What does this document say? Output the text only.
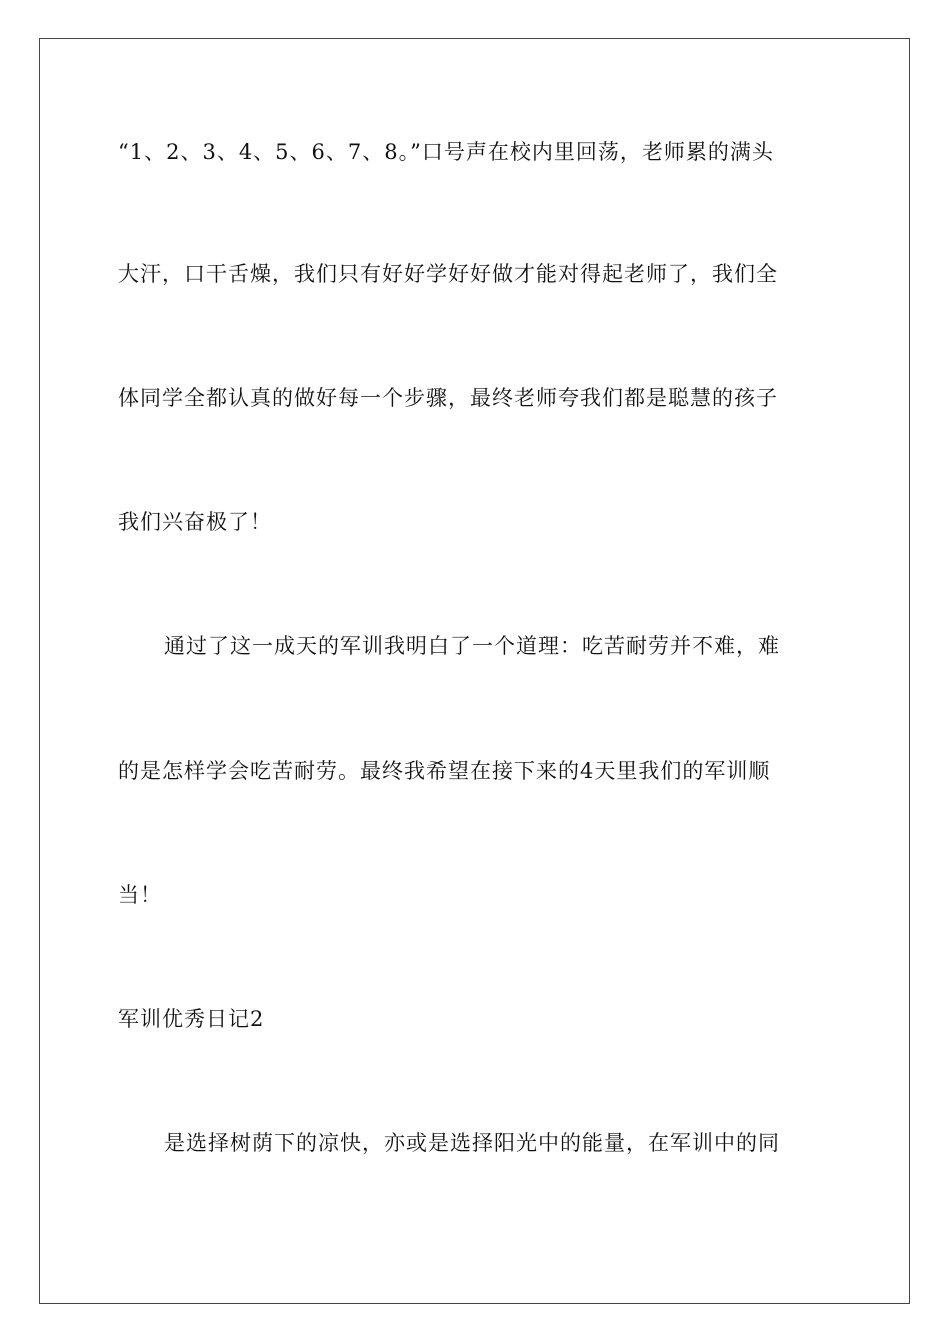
“1、2、3、4、5、6、7、8。”口号声在校内里回荡，老师累的满头
大汗，口干舌燥，我们只有好好学好好做才能对得起老师了，我们全
体同学全都认真的做好每一个步骤，最终老师夸我们都是聪慧的孩子
我们兴奋极了！
通过了这一成天的军训我明白了一个道理：吃苦耐劳并不难，难
的是怎样学会吃苦耐劳。最终我希望在接下来的4天里我们的军训顺
当！
军训优秀日记2
是选择树荫下的凉快，亦或是选择阳光中的能量，在军训中的同
